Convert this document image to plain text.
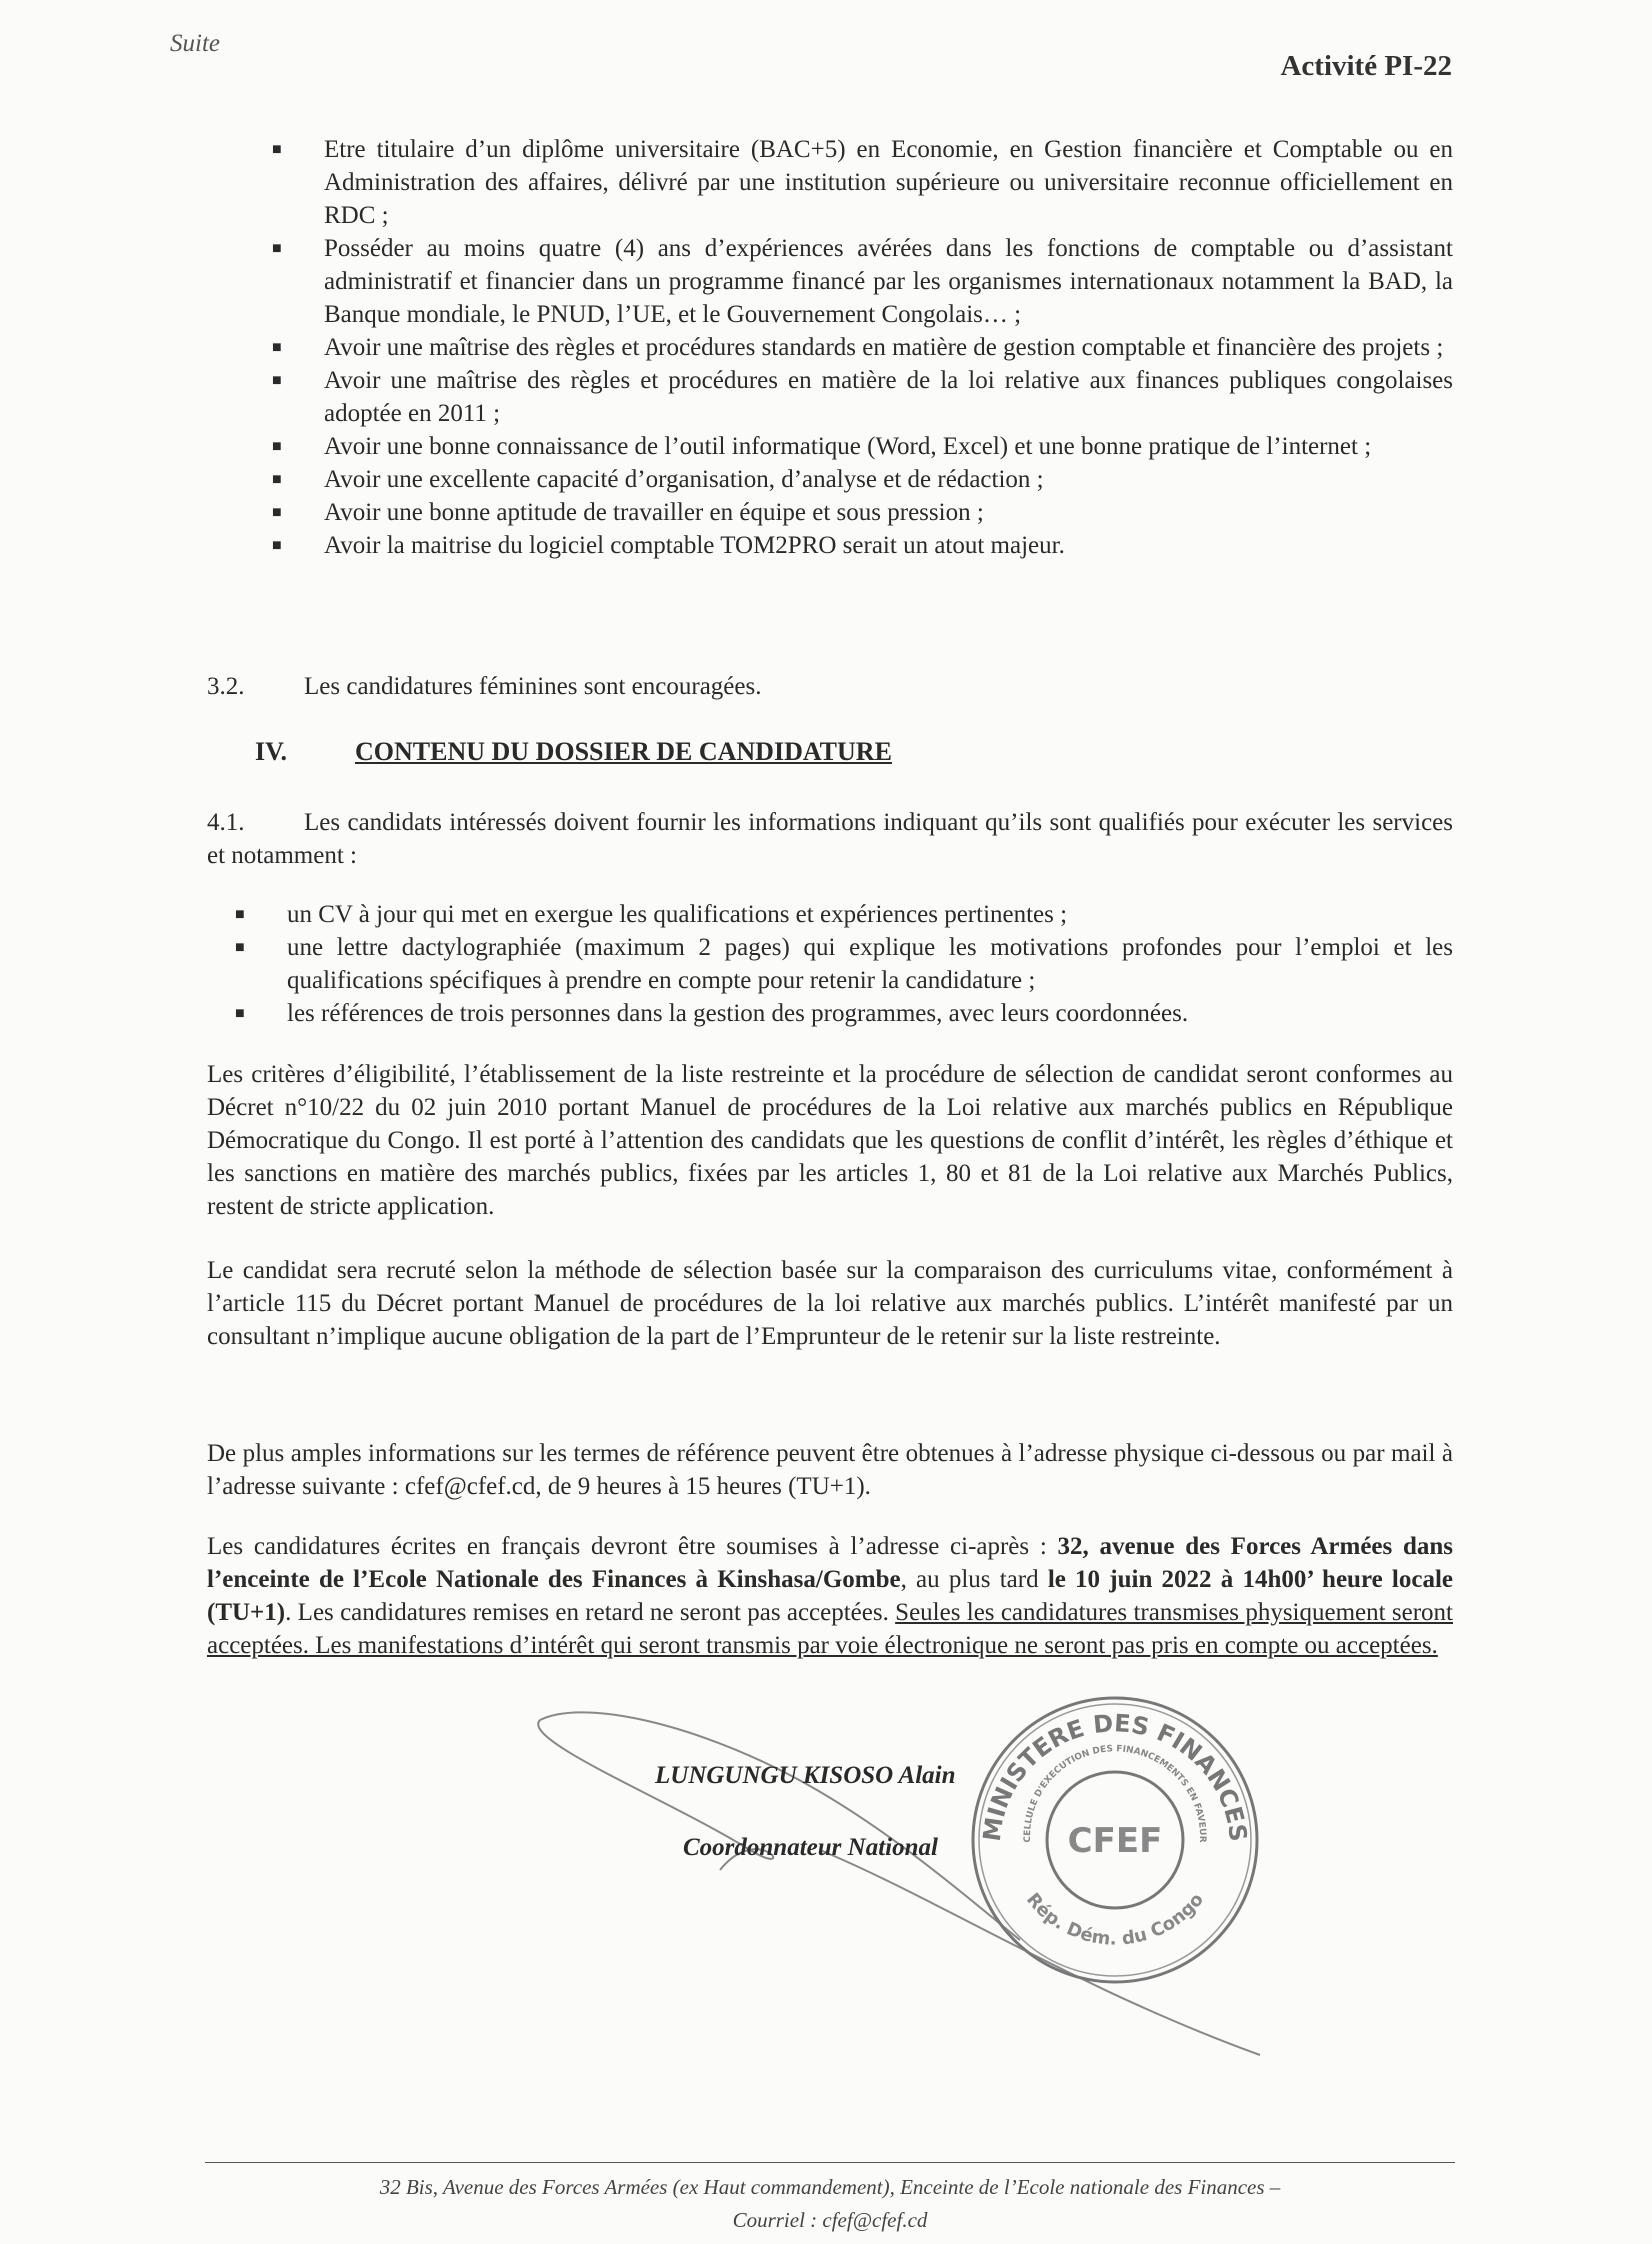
Suite
Activité PI-22
■ Etre titulaire d’un diplôme universitaire (BAC+5) en Economie, en Gestion financière et Comptable ou en Administration des affaires, délivré par une institution supérieure ou universitaire reconnue officiellement en RDC ;
■ Posséder au moins quatre (4) ans d’expériences avérées dans les fonctions de comptable ou d’assistant administratif et financier dans un programme financé par les organismes internationaux notamment la BAD, la Banque mondiale, le PNUD, l’UE, et le Gouvernement Congolais… ;
■ Avoir une maîtrise des règles et procédures standards en matière de gestion comptable et financière des projets ;
■ Avoir une maîtrise des règles et procédures en matière de la loi relative aux finances publiques congolaises adoptée en 2011 ;
■ Avoir une bonne connaissance de l’outil informatique (Word, Excel) et une bonne pratique de l’internet ;
■ Avoir une excellente capacité d’organisation, d’analyse et de rédaction ;
■ Avoir une bonne aptitude de travailler en équipe et sous pression ;
■ Avoir la maitrise du logiciel comptable TOM2PRO serait un atout majeur.
3.2. Les candidatures féminines sont encouragées.
IV.	CONTENU DU DOSSIER DE CANDIDATURE
4.1. Les candidats intéressés doivent fournir les informations indiquant qu’ils sont qualifiés pour exécuter les services et notamment :
■ un CV à jour qui met en exergue les qualifications et expériences pertinentes ;
■ une lettre dactylographiée (maximum 2 pages) qui explique les motivations profondes pour l’emploi et les qualifications spécifiques à prendre en compte pour retenir la candidature ;
■ les références de trois personnes dans la gestion des programmes, avec leurs coordonnées.

Les critères d’éligibilité, l’établissement de la liste restreinte et la procédure de sélection de candidat seront conformes au Décret n°10/22 du 02 juin 2010 portant Manuel de procédures de la Loi relative aux marchés publics en République Démocratique du Congo. Il est porté à l’attention des candidats que les questions de conflit d’intérêt, les règles d’éthique et les sanctions en matière des marchés publics, fixées par les articles 1, 80 et 81 de la Loi relative aux Marchés Publics, restent de stricte application.

Le candidat sera recruté selon la méthode de sélection basée sur la comparaison des curriculums vitae, conformément à l’article 115 du Décret portant Manuel de procédures de la loi relative aux marchés publics. L’intérêt manifesté par un consultant n’implique aucune obligation de la part de l’Emprunteur de le retenir sur la liste restreinte.

De plus amples informations sur les termes de référence peuvent être obtenues à l’adresse physique ci-dessous ou par mail à l’adresse suivante : cfef@cfef.cd, de 9 heures à 15 heures (TU+1).

Les candidatures écrites en français devront être soumises à l’adresse ci-après : 32, avenue des Forces Armées dans l’enceinte de l’Ecole Nationale des Finances à Kinshasa/Gombe, au plus tard le 10 juin 2022 à 14h00’ heure locale (TU+1). Les candidatures remises en retard ne seront pas acceptées. Seules les candidatures transmises physiquement seront acceptées. Les manifestations d’intérêt qui seront transmis par voie électronique ne seront pas pris en compte ou acceptées.

LUNGUNGU KISOSO Alain
Coordonnateur National
MINISTERE DES FINANCES
CELLULE D'EXECUTION DES FINANCEMENTS EN FAVEUR
Rép. Dém. du Congo
CFEF
32 Bis, Avenue des Forces Armées (ex Haut commandement), Enceinte de l’Ecole nationale des Finances –
Courriel : cfef@cfef.cd
